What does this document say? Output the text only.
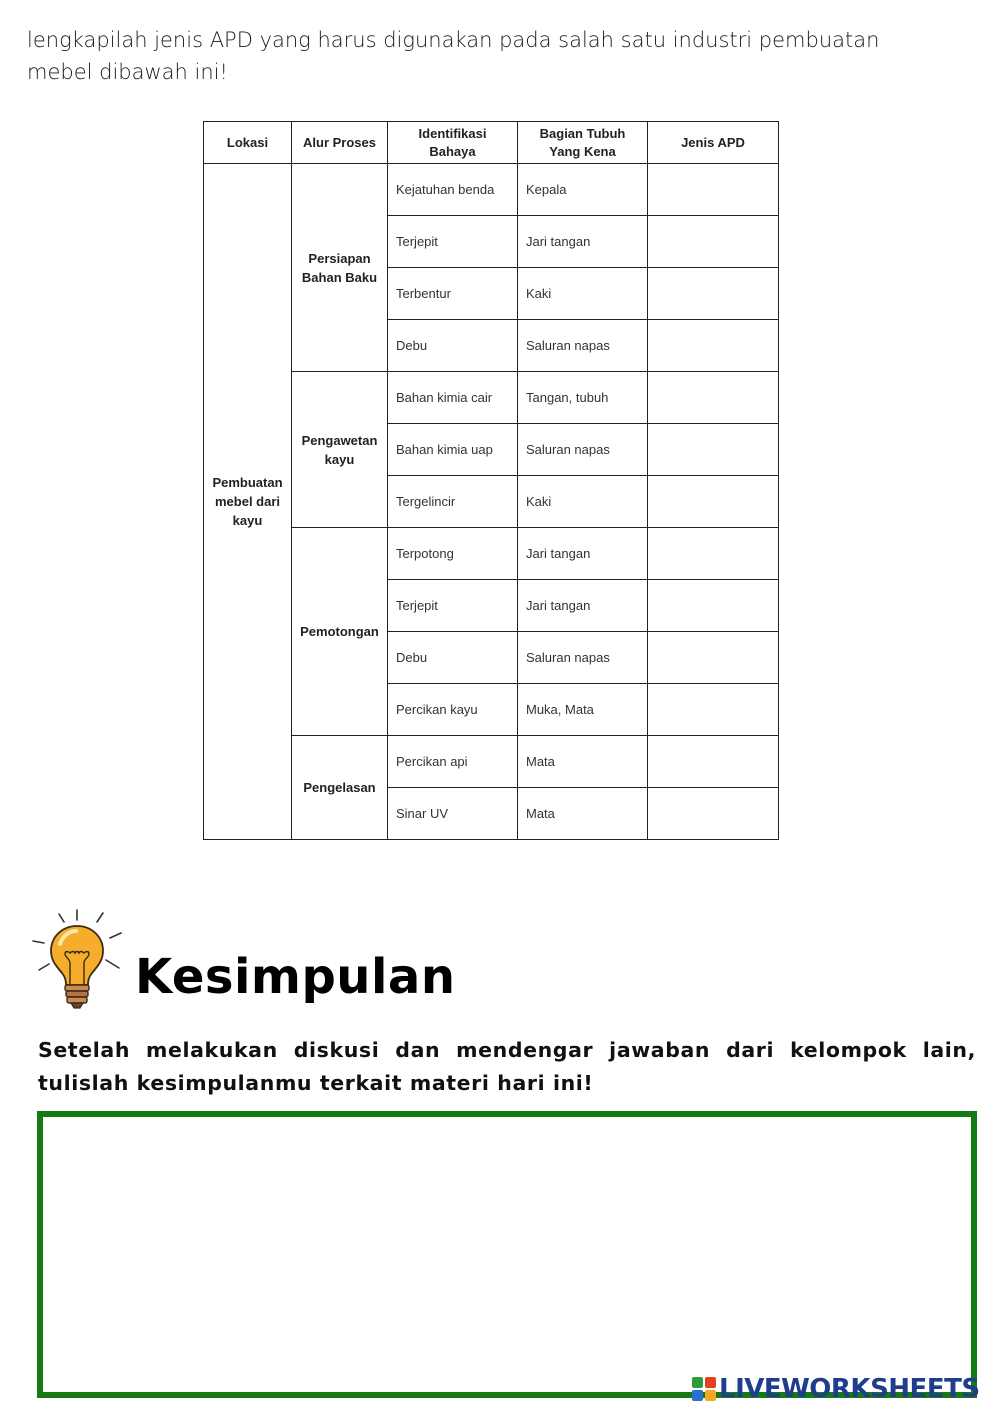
lengkapilah jenis APD yang harus digunakan pada salah satu industri pembuatan mebel dibawah ini!

Lokasi	Alur Proses	Identifikasi Bahaya	Bagian Tubuh Yang Kena	Jenis APD
Pembuatan mebel dari kayu	Persiapan Bahan Baku	Kejatuhan benda	Kepala	
		Terjepit	Jari tangan	
		Terbentur	Kaki	
		Debu	Saluran napas	
	Pengawetan kayu	Bahan kimia cair	Tangan, tubuh	
		Bahan kimia uap	Saluran napas	
		Tergelincir	Kaki	
	Pemotongan	Terpotong	Jari tangan	
		Terjepit	Jari tangan	
		Debu	Saluran napas	
		Percikan kayu	Muka, Mata	
	Pengelasan	Percikan api	Mata	
		Sinar UV	Mata	
Kesimpulan

Setelah melakukan diskusi dan mendengar jawaban dari kelompok lain, tulislah kesimpulanmu terkait materi hari ini!

LIVEWORKSHEETS
